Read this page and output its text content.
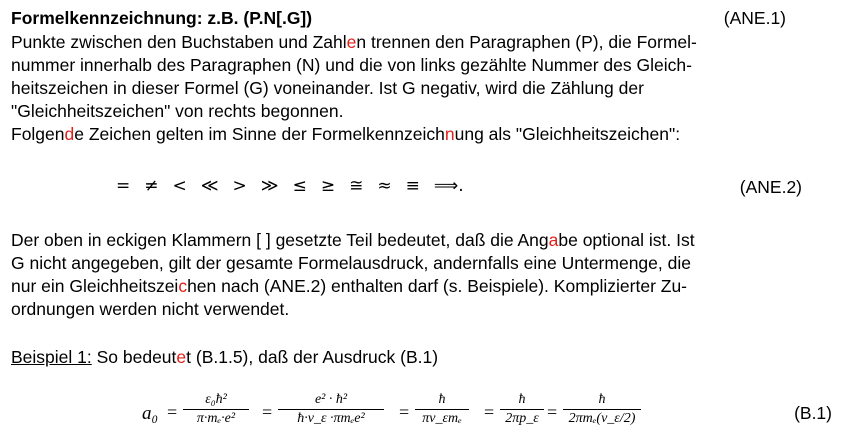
Formelkennzeichnung: z.B. (P.N[.G])	(ANE.1)
Punkte zwischen den Buchstaben und Zahlen trennen den Paragraphen (P), die Formel-
nummer innerhalb des Paragraphen (N) und die von links gezählte Nummer des Gleich-
heitszeichen in dieser Formel (G) voneinander. Ist G negativ, wird die Zählung der
"Gleichheitszeichen" von rechts begonnen.
Folgende Zeichen gelten im Sinne der Formelkennzeichnung als "Gleichheitszeichen":
= ≠ < ≪ > ≫ ≤ ≥ ≅ ≈ ≡ ⟹.	(ANE.2)
Der oben in eckigen Klammern [ ] gesetzte Teil bedeutet, daß die Angabe optional ist. Ist
G nicht angegeben, gilt der gesamte Formelausdruck, andernfalls eine Untermenge, die
nur ein Gleichheitszeichen nach (ANE.2) enthalten darf (s. Beispiele). Komplizierter Zu-
ordnungen werden nicht verwendet.
Beispiel 1: So bedeutet (B.1.5), daß der Ausdruck (B.1)
a₀ =
ε₀ħ²
π·mₑ·e²	=
e² · ħ²
ħ·v_ε ·πmₑe²	=
ħ
πv_εmₑ	=
ħ
2πp_ε =
ħ
2πmₑ(v_ε/2)	(B.1)
